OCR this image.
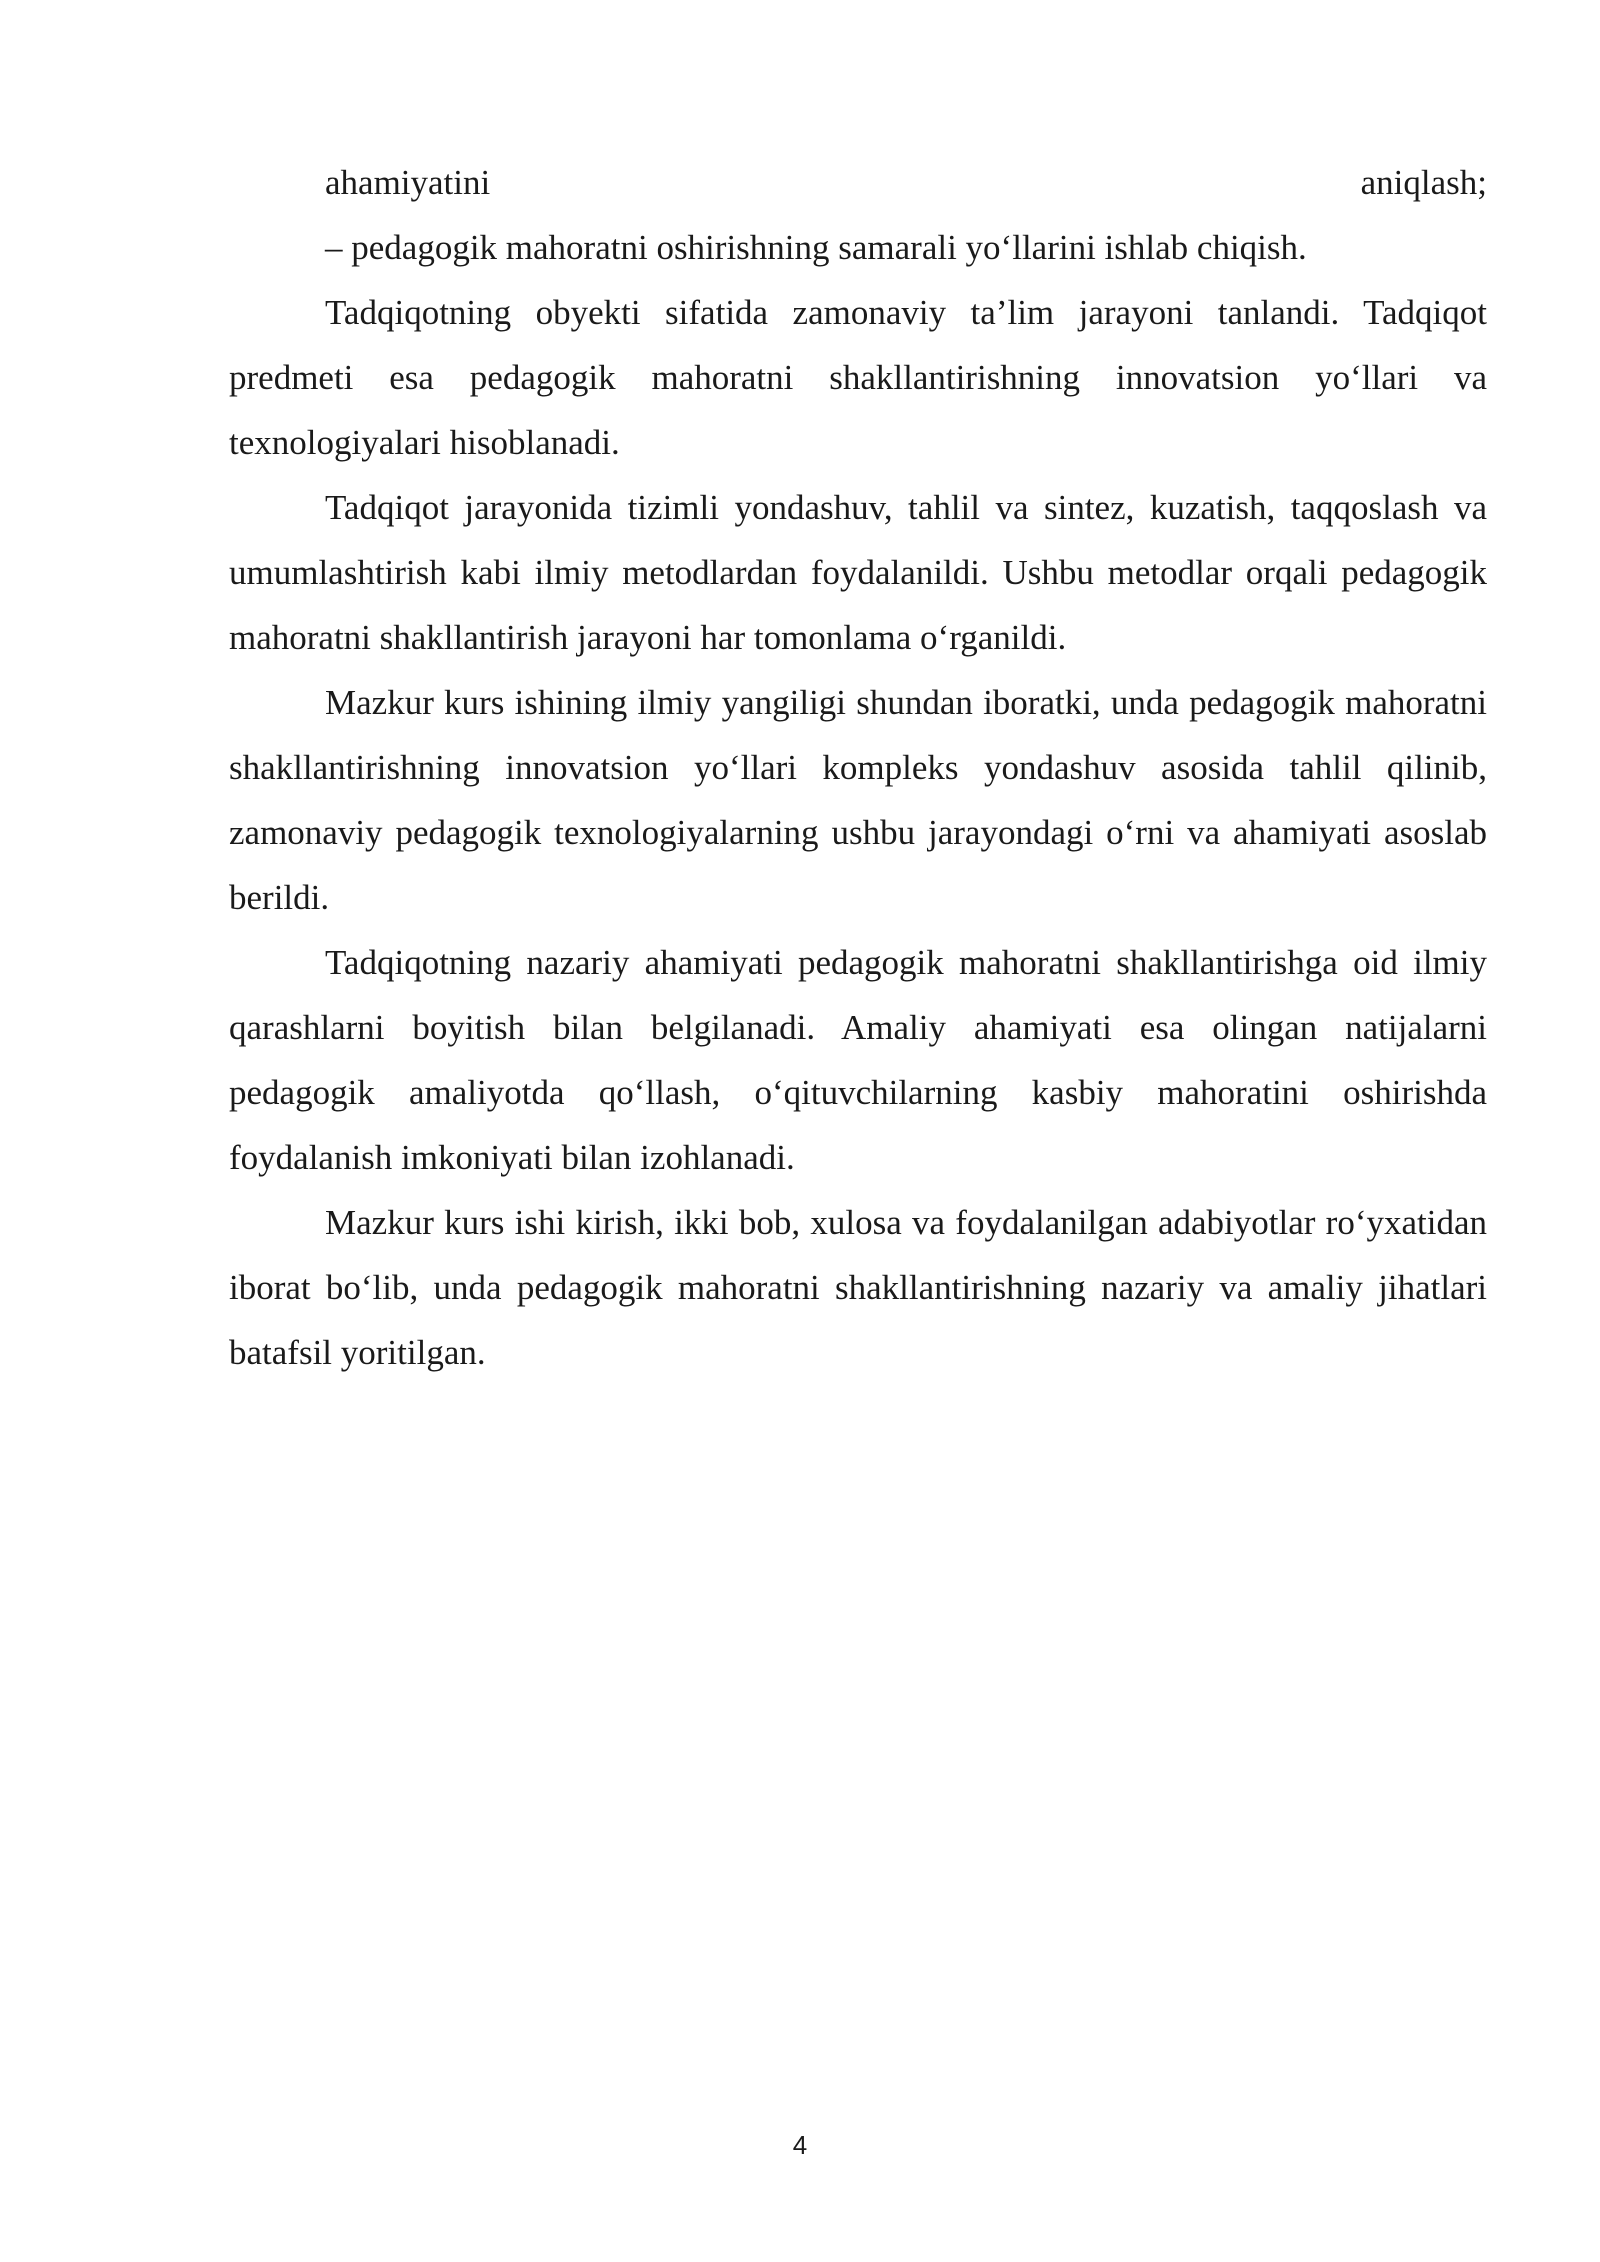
ahamiyatini	aniqlash;

– pedagogik mahoratni oshirishning samarali yo‘llarini ishlab chiqish.

Tadqiqotning obyekti sifatida zamonaviy ta’lim jarayoni tanlandi. Tadqiqot predmeti esa pedagogik mahoratni shakllantirishning innovatsion yo‘llari va texnologiyalari hisoblanadi.

Tadqiqot jarayonida tizimli yondashuv, tahlil va sintez, kuzatish, taqqoslash va umumlashtirish kabi ilmiy metodlardan foydalanildi. Ushbu metodlar orqali pedagogik mahoratni shakllantirish jarayoni har tomonlama o‘rganildi.

Mazkur kurs ishining ilmiy yangiligi shundan iboratki, unda pedagogik mahoratni shakllantirishning innovatsion yo‘llari kompleks yondashuv asosida tahlil qilinib, zamonaviy pedagogik texnologiyalarning ushbu jarayondagi o‘rni va ahamiyati asoslab berildi.

Tadqiqotning nazariy ahamiyati pedagogik mahoratni shakllantirishga oid ilmiy qarashlarni boyitish bilan belgilanadi. Amaliy ahamiyati esa olingan natijalarni pedagogik amaliyotda qo‘llash, o‘qituvchilarning kasbiy mahoratini oshirishda foydalanish imkoniyati bilan izohlanadi.

Mazkur kurs ishi kirish, ikki bob, xulosa va foydalanilgan adabiyotlar ro‘yxatidan iborat bo‘lib, unda pedagogik mahoratni shakllantirishning nazariy va amaliy jihatlari batafsil yoritilgan.

4
